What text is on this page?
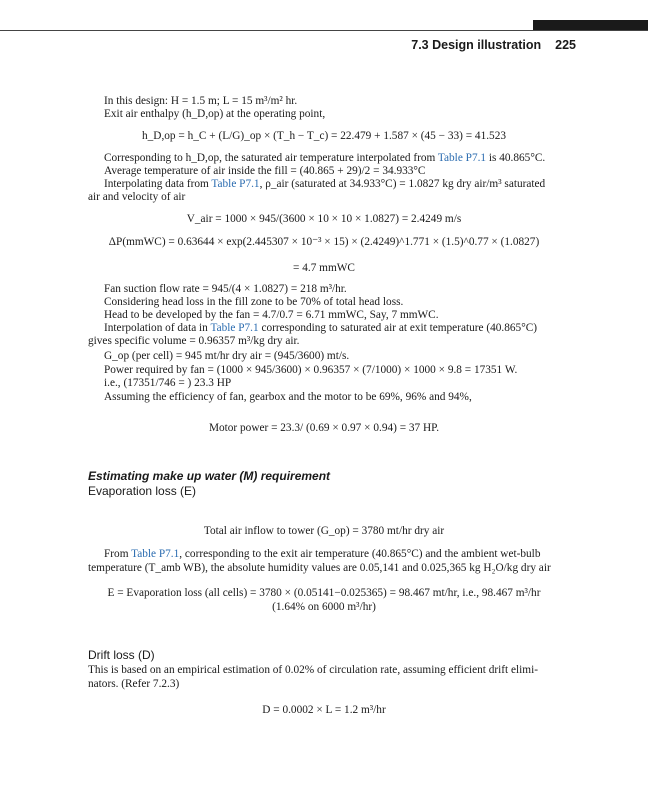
7.3 Design illustration 225
In this design: H = 1.5 m; L = 15 m³/m² hr.
Exit air enthalpy (h_D,op) at the operating point,
h_D,op = h_C + (L/G)_op × (T_h − T_c) = 22.479 + 1.587 × (45 − 33) = 41.523
Corresponding to h_D,op, the saturated air temperature interpolated from Table P7.1 is 40.865°C.
Average temperature of air inside the fill = (40.865 + 29)/2 = 34.933°C
Interpolating data from Table P7.1, ρ_air (saturated at 34.933°C) = 1.0827 kg dry air/m³ saturated
air and velocity of air
V_air = 1000 × 945/(3600 × 10 × 10 × 1.0827) = 2.4249 m/s
ΔP(mmWC) = 0.63644 × exp(2.445307 × 10⁻³ × 15) × (2.4249)^1.771 × (1.5)^0.77 × (1.0827)
= 4.7 mmWC
Fan suction flow rate = 945/(4 × 1.0827) = 218 m³/hr.
Considering head loss in the fill zone to be 70% of total head loss.
Head to be developed by the fan = 4.7/0.7 = 6.71 mmWC, Say, 7 mmWC.
Interpolation of data in Table P7.1 corresponding to saturated air at exit temperature (40.865°C)
gives specific volume = 0.96357 m³/kg dry air.
G_op (per cell) = 945 mt/hr dry air = (945/3600) mt/s.
Power required by fan = (1000 × 945/3600) × 0.96357 × (7/1000) × 1000 × 9.8 = 17351 W.
i.e., (17351/746 = ) 23.3 HP
Assuming the efficiency of fan, gearbox and the motor to be 69%, 96% and 94%,
Motor power = 23.3/ (0.69 × 0.97 × 0.94) = 37 HP.
Estimating make up water (M) requirement
Evaporation loss (E)
Total air inflow to tower (G_op) = 3780 mt/hr dry air
From Table P7.1, corresponding to the exit air temperature (40.865°C) and the ambient wet-bulb
temperature (T_amb WB), the absolute humidity values are 0.05,141 and 0.025,365 kg H₂O/kg dry air
E = Evaporation loss (all cells) = 3780 × (0.05141−0.025365) = 98.467 mt/hr, i.e., 98.467 m³/hr
(1.64% on 6000 m³/hr)
Drift loss (D)
This is based on an empirical estimation of 0.02% of circulation rate, assuming efficient drift elimi-
nators. (Refer 7.2.3)
D = 0.0002 × L = 1.2 m³/hr
